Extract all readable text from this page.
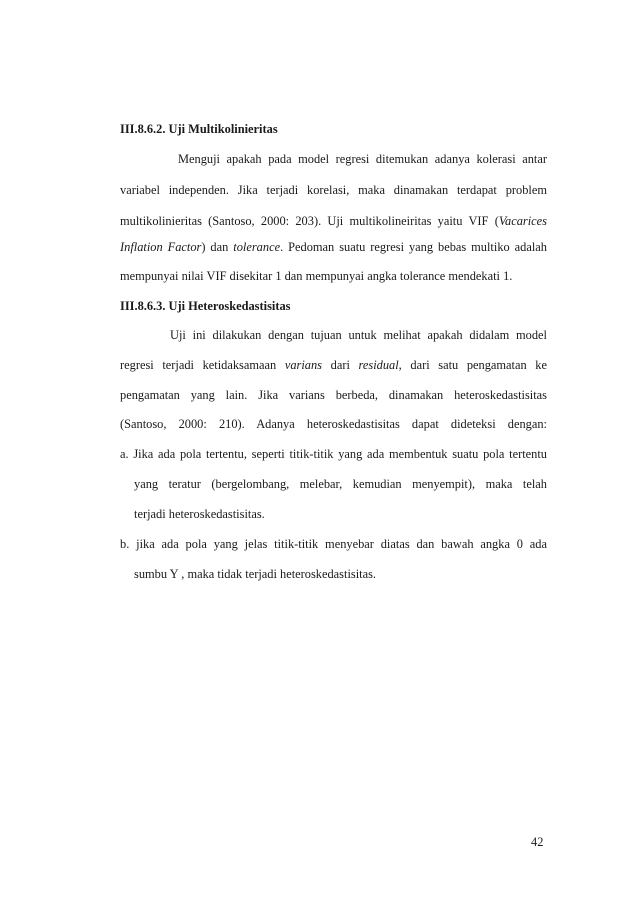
III.8.6.2. Uji Multikolinieritas
Menguji apakah pada model regresi ditemukan adanya kolerasi antar
variabel independen. Jika terjadi korelasi, maka dinamakan terdapat problem
multikolinieritas (Santoso, 2000: 203). Uji multikolineiritas yaitu VIF (Vacarices
Inflation Factor) dan tolerance. Pedoman suatu regresi yang bebas multiko adalah
mempunyai nilai VIF disekitar 1 dan mempunyai angka tolerance mendekati 1.
III.8.6.3. Uji Heteroskedastisitas
Uji ini dilakukan dengan tujuan untuk melihat apakah didalam model
regresi terjadi ketidaksamaan varians dari residual, dari satu pengamatan ke
pengamatan yang lain. Jika varians berbeda, dinamakan heteroskedastisitas
(Santoso, 2000: 210). Adanya heteroskedastisitas dapat dideteksi dengan:
a. Jika ada pola tertentu, seperti titik-titik yang ada membentuk suatu pola tertentu
yang teratur (bergelombang, melebar, kemudian menyempit), maka telah
terjadi heteroskedastisitas.
b. jika ada pola yang jelas titik-titik menyebar diatas dan bawah angka 0 ada
sumbu Y , maka tidak terjadi heteroskedastisitas.
42
